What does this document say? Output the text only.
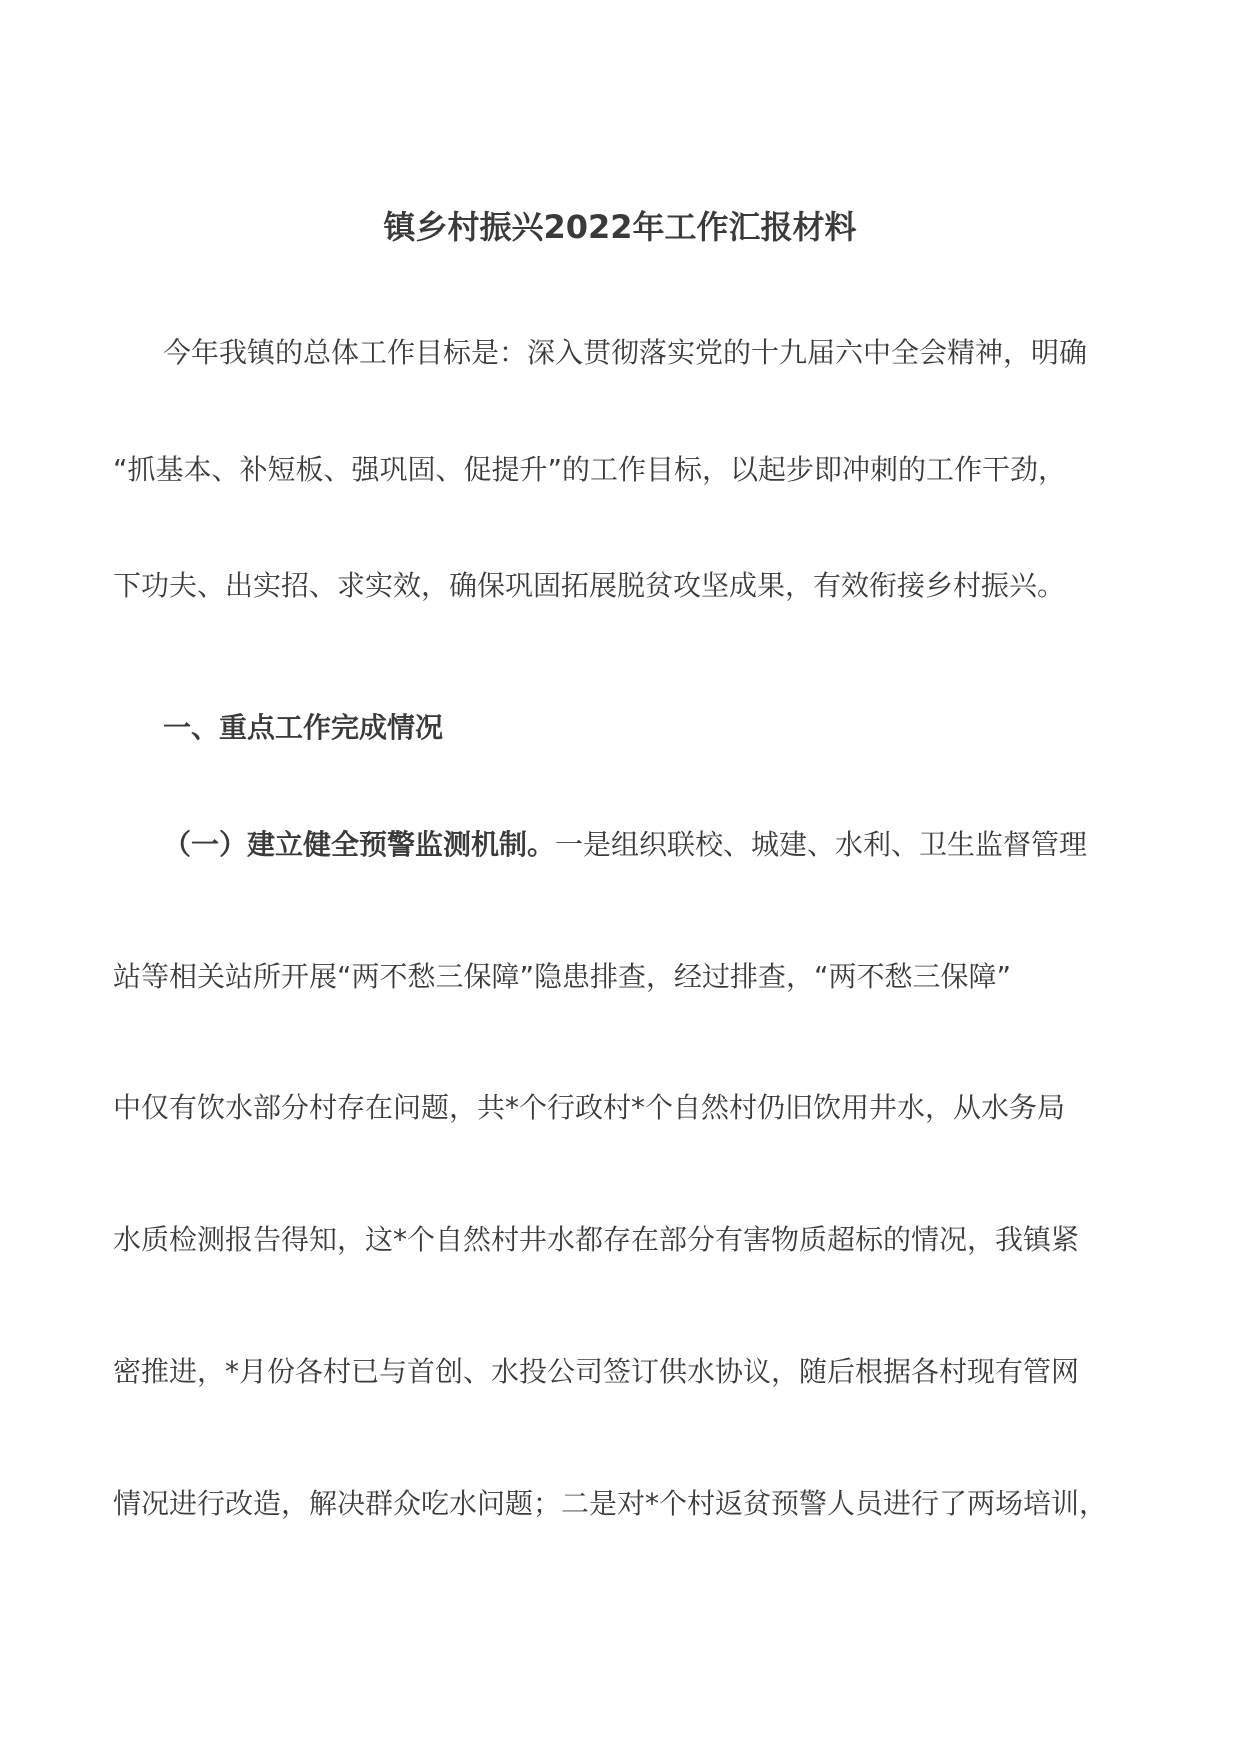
镇乡村振兴2022年工作汇报材料
今年我镇的总体工作目标是：深入贯彻落实党的十九届六中全会精神，明确
“抓基本、补短板、强巩固、促提升”的工作目标，以起步即冲刺的工作干劲，
下功夫、出实招、求实效，确保巩固拓展脱贫攻坚成果，有效衔接乡村振兴。
一、重点工作完成情况
（一）建立健全预警监测机制。一是组织联校、城建、水利、卫生监督管理
站等相关站所开展“两不愁三保障”隐患排查，经过排查，“两不愁三保障”
中仅有饮水部分村存在问题，共*个行政村*个自然村仍旧饮用井水，从水务局
水质检测报告得知，这*个自然村井水都存在部分有害物质超标的情况，我镇紧
密推进，*月份各村已与首创、水投公司签订供水协议，随后根据各村现有管网
情况进行改造，解决群众吃水问题；二是对*个村返贫预警人员进行了两场培训，
